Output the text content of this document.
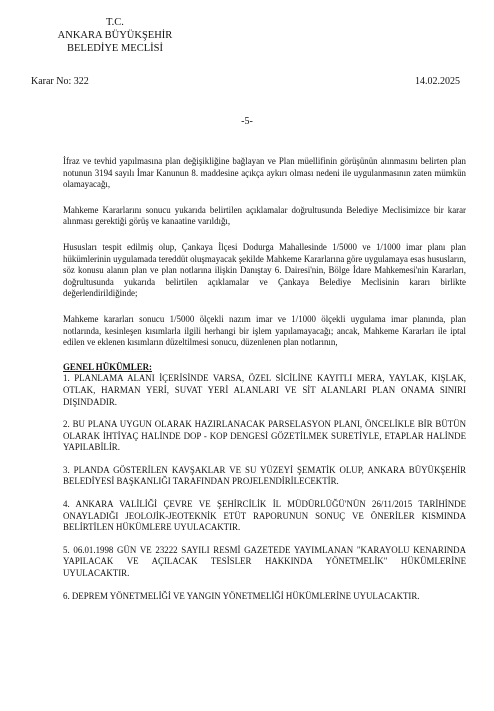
T.C.
ANKARA BÜYÜKŞEHİR
BELEDİYE MECLİSİ
Karar No: 322	14.02.2025
-5-

İfraz ve tevhid yapılmasına plan değişikliğine bağlayan ve Plan müellifinin görüşünün alınmasını belirten plan notunun 3194 sayılı İmar Kanunun 8. maddesine açıkça aykırı olması nedeni ile uygulanmasının zaten mümkün olamayacağı,

Mahkeme Kararlarını sonucu yukarıda belirtilen açıklamalar doğrultusunda Belediye Meclisimizce bir karar alınması gerektiği görüş ve kanaatine varıldığı,

Hususları tespit edilmiş olup, Çankaya İlçesi Dodurga Mahallesinde 1/5000 ve 1/1000 imar planı plan hükümlerinin uygulamada tereddüt oluşmayacak şekilde Mahkeme Kararlarına göre uygulamaya esas hususların, söz konusu alanın plan ve plan notlarına ilişkin Danıştay 6. Dairesi'nin, Bölge İdare Mahkemesi'nin Kararları, doğrultusunda yukarıda belirtilen açıklamalar ve Çankaya Belediye Meclisinin kararı birlikte değerlendirildiğinde;

Mahkeme kararları sonucu 1/5000 ölçekli nazım imar ve 1/1000 ölçekli uygulama imar planında, plan notlarında, kesinleşen kısımlarla ilgili herhangi bir işlem yapılamayacağı; ancak, Mahkeme Kararları ile iptal edilen ve eklenen kısımların düzeltilmesi sonucu, düzenlenen plan notlarının,

GENEL HÜKÜMLER:

1. PLANLAMA ALANI İÇERİSİNDE VARSA, ÖZEL SİCİLİNE KAYITLI MERA, YAYLAK, KIŞLAK, OTLAK, HARMAN YERİ, SUVAT YERİ ALANLARI VE SİT ALANLARI PLAN ONAMA SINIRI DIŞINDADIR.

2. BU PLANA UYGUN OLARAK HAZIRLANACAK PARSELASYON PLANI, ÖNCELİKLE BİR BÜTÜN OLARAK İHTİYAÇ HALİNDE DOP - KOP DENGESİ GÖZETİLMEK SURETİYLE, ETAPLAR HALİNDE YAPILABİLİR.

3. PLANDA GÖSTERİLEN KAVŞAKLAR VE SU YÜZEYİ ŞEMATİK OLUP, ANKARA BÜYÜKŞEHİR BELEDİYESİ BAŞKANLIĞI TARAFINDAN PROJELENDİRİLECEKTİR.

4. ANKARA VALİLİĞİ ÇEVRE VE ŞEHİRCİLİK İL MÜDÜRLÜĞÜ'NÜN 26/11/2015 TARİHİNDE ONAYLADIĞI JEOLOJİK-JEOTEKNİK ETÜT RAPORUNUN SONUÇ VE ÖNERİLER KISMINDA BELİRTİLEN HÜKÜMLERE UYULACAKTIR.

5. 06.01.1998 GÜN VE 23222 SAYILI RESMİ GAZETEDE YAYIMLANAN "KARAYOLU KENARINDA YAPILACAK VE AÇILACAK TESİSLER HAKKINDA YÖNETMELİK" HÜKÜMLERİNE UYULACAKTIR.

6. DEPREM YÖNETMELİĞİ VE YANGIN YÖNETMELİĞİ HÜKÜMLERİNE UYULACAKTIR.
